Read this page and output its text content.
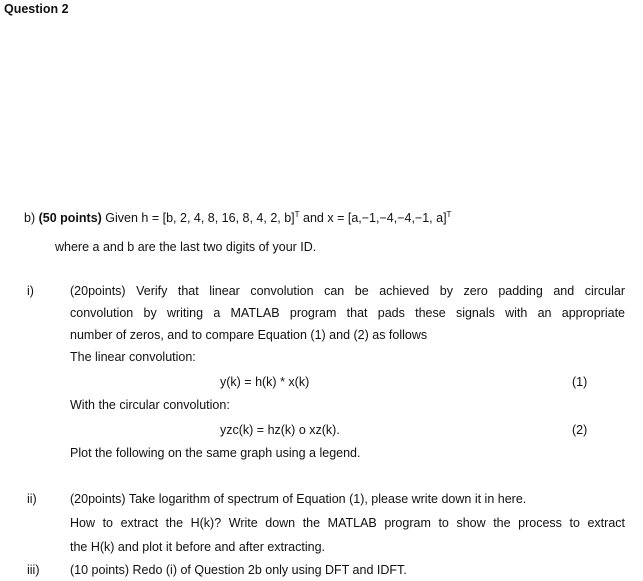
Question 2
b) (50 points) Given h = [b, 2, 4, 8, 16, 8, 4, 2, b]$^T$ and x = [a,−1,−4,−4,−1, a]$^T$
where a and b are the last two digits of your ID.
i)	(20points) Verify that linear convolution can be achieved by zero padding and circular
convolution by writing a MATLAB program that pads these signals with an appropriate
number of zeros, and to compare Equation (1) and (2) as follows
The linear convolution:
y(k) = h(k) * x(k)	(1)
With the circular convolution:
yzc(k) = hz(k) o xz(k).	(2)
Plot the following on the same graph using a legend.
ii)	(20points) Take logarithm of spectrum of Equation (1), please write down it in here.
How to extract the H(k)? Write down the MATLAB program to show the process to extract
the H(k) and plot it before and after extracting.
iii) (10 points) Redo (i) of Question 2b only using DFT and IDFT.
